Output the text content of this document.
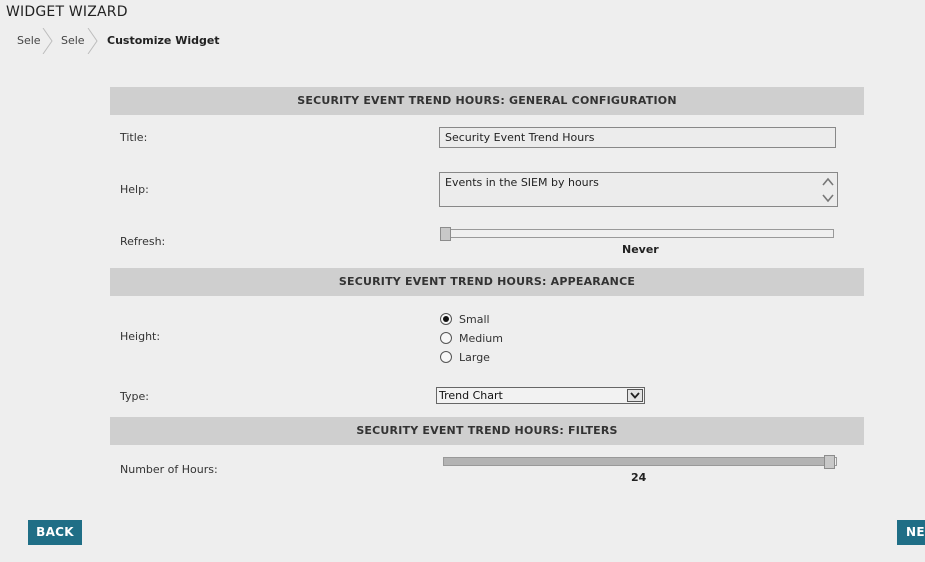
WIDGET WIZARD
Sele Sele Customize Widget
SECURITY EVENT TREND HOURS: GENERAL CONFIGURATION
Title:
Security Event Trend Hours
Help:
Events in the SIEM by hours
Refresh:
Never
SECURITY EVENT TREND HOURS: APPEARANCE
Height:
Small
Medium
Large
Type:	Trend Chart
SECURITY EVENT TREND HOURS: FILTERS
Number of Hours:
24
BACK	NE
